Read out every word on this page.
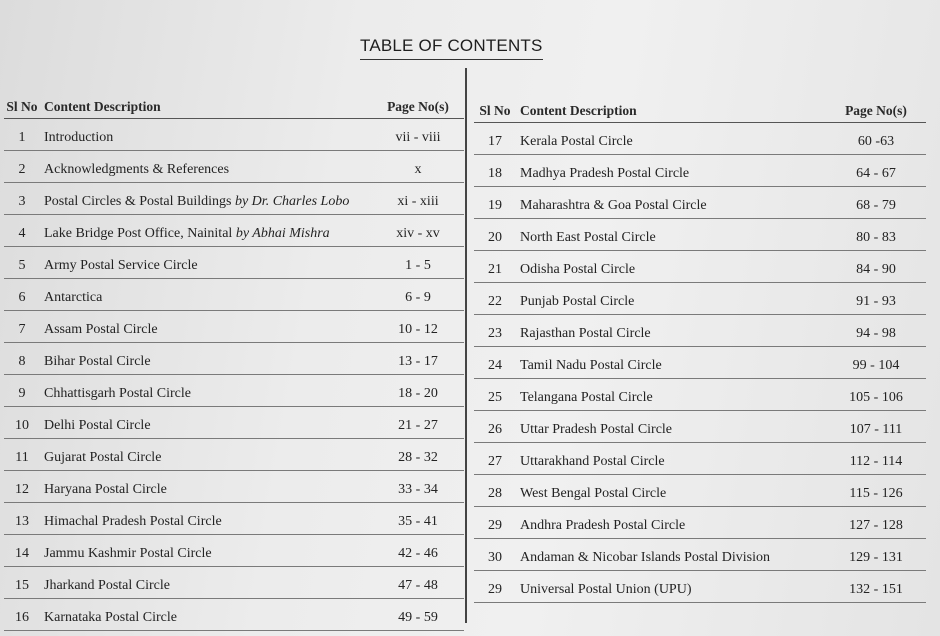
TABLE OF CONTENTS
Sl No Content Description	Page No(s)
1	Introduction	vii - viii
2	Acknowledgments & References	x
3	Postal Circles & Postal Buildings by Dr. Charles Lobo	xi - xiii
4	Lake Bridge Post Office, Nainital by Abhai Mishra	xiv - xv
5	Army Postal Service Circle	1 - 5
6	Antarctica	6 - 9
7	Assam Postal Circle	10 - 12
8	Bihar Postal Circle	13 - 17
9	Chhattisgarh Postal Circle	18 - 20
10	Delhi Postal Circle	21 - 27
11	Gujarat Postal Circle	28 - 32
12	Haryana Postal Circle	33 - 34
13	Himachal Pradesh Postal Circle	35 - 41
14	Jammu Kashmir Postal Circle	42 - 46
15	Jharkand Postal Circle	47 - 48
16	Karnataka Postal Circle	49 - 59
Sl No Content Description	Page No(s)
17	Kerala Postal Circle	60 -63
18	Madhya Pradesh Postal Circle	64 - 67
19	Maharashtra & Goa Postal Circle	68 - 79
20	North East Postal Circle	80 - 83
21	Odisha Postal Circle	84 - 90
22	Punjab Postal Circle	91 - 93
23	Rajasthan Postal Circle	94 - 98
24	Tamil Nadu Postal Circle	99 - 104
25	Telangana Postal Circle	105 - 106
26	Uttar Pradesh Postal Circle	107 - 111
27	Uttarakhand Postal Circle	112 - 114
28	West Bengal Postal Circle	115 - 126
29	Andhra Pradesh Postal Circle	127 - 128
30	Andaman & Nicobar Islands Postal Division	129 - 131
29	Universal Postal Union (UPU)	132 - 151
